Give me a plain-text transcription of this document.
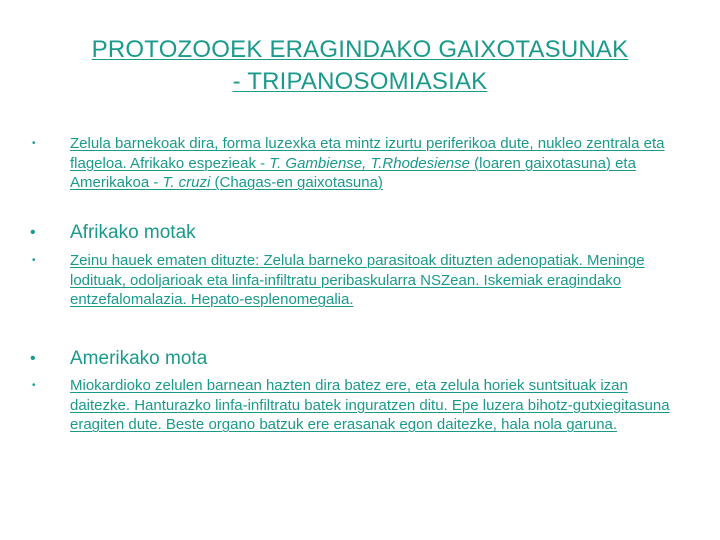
PROTOZOOEK ERAGINDAKO GAIXOTASUNAK
- TRIPANOSOMIASIAK
• Zelula barnekoak dira, forma luzexka eta mintz izurtu periferikoa dute, nukleo zentrala eta flageloa. Afrikako espezieak - T. Gambiense, T.Rhodesiense (loaren gaixotasuna) eta Amerikakoa - T. cruzi (Chagas-en gaixotasuna)
• Afrikako motak
• Zeinu hauek ematen dituzte: Zelula barneko parasitoak dituzten adenopatiak. Meninge lodituak, odoljarioak eta linfa-infiltratu peribaskularra NSZean. Iskemiak eragindako entzefalomalazia. Hepato-esplenomegalia.
• Amerikako mota
• Miokardioko zelulen barnean hazten dira batez ere, eta zelula horiek suntsituak izan daitezke. Hanturazko linfa-infiltratu batek inguratzen ditu. Epe luzera bihotz-gutxiegitasuna eragiten dute. Beste organo batzuk ere erasanak egon daitezke, hala nola garuna.
